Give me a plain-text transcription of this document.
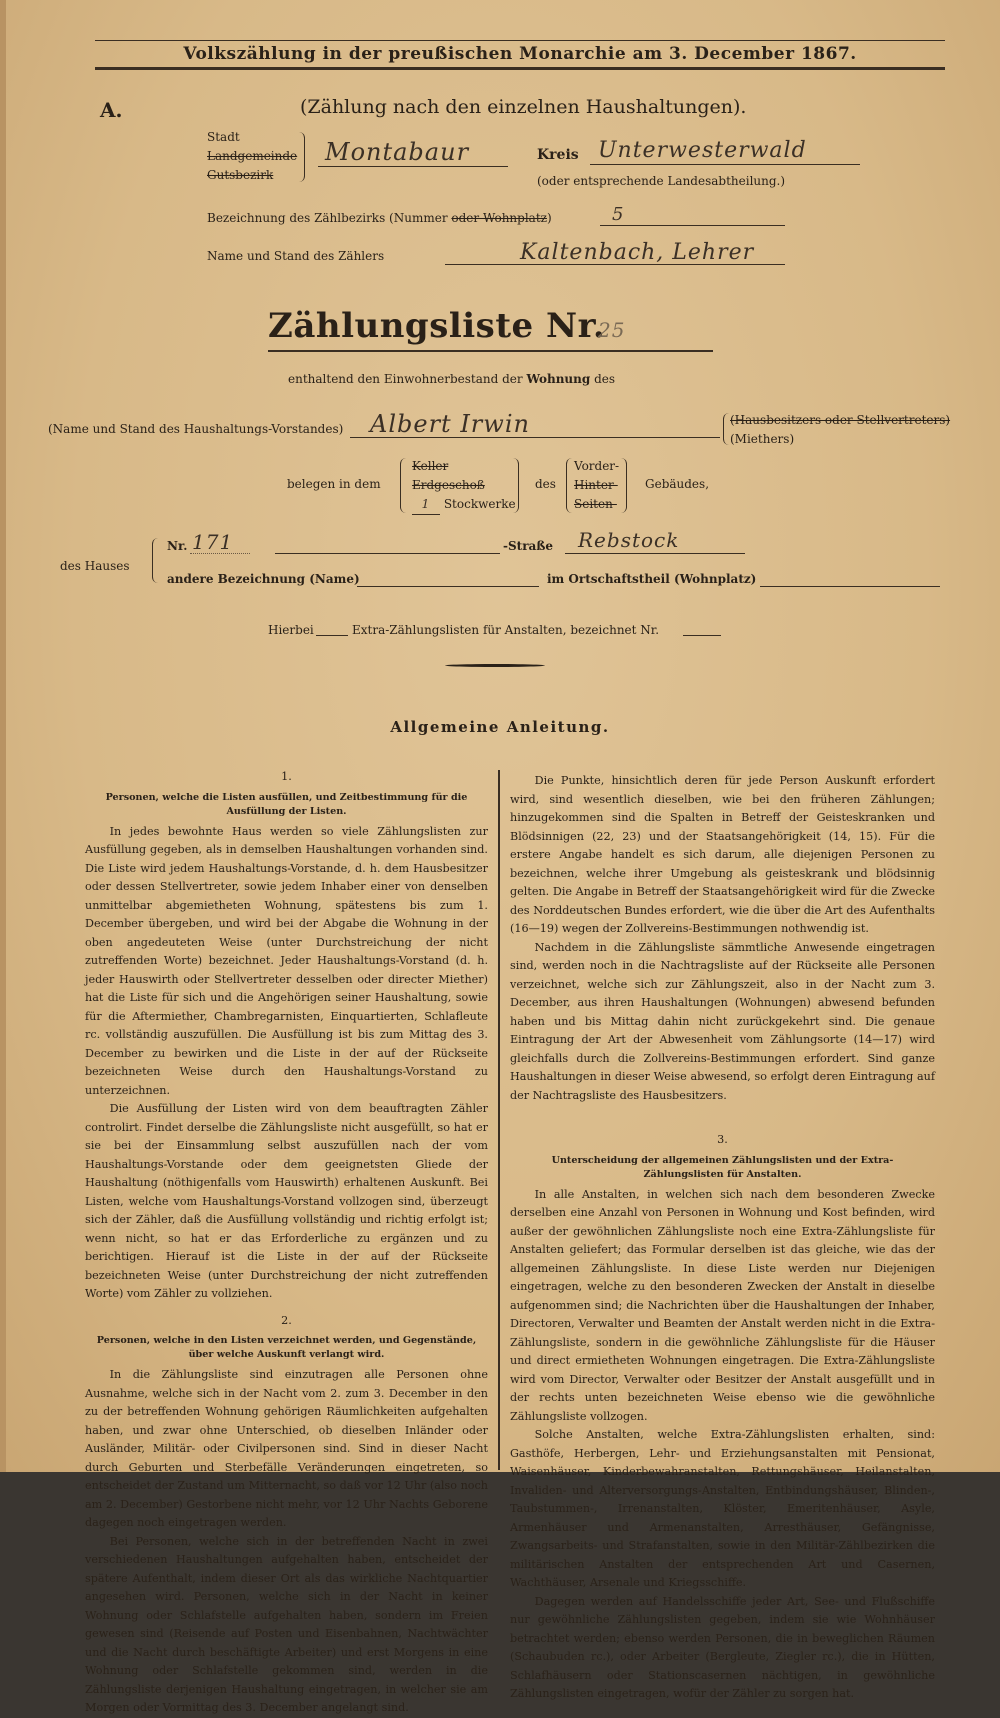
Volkszählung in der preußischen Monarchie am 3. December 1867.
A.	(Zählung nach den einzelnen Haushaltungen).
Stadt
Landgemeinde
Gutsbezirk
Montabaur	Kreis Unterwesterwald
(oder entsprechende Landesabtheilung.)
Bezeichnung des Zählbezirks (Nummer oder Wohnplatz)	5
Name und Stand des Zählers	Kaltenbach, Lehrer
Zählungsliste Nr.
25
enthaltend den Einwohnerbestand der Wohnung des
(Name und Stand des Haushaltungs-Vorstandes) Albert Irwin	(Hausbesitzers oder Stellvertreters)
(Miethers)
belegen in dem
Keller
Erdgeschoß
1 Stockwerke
des
Vorder-
Hinter-
Seiten-
Gebäudes,
des Hauses
Nr. 171	-Straße Rebstock
andere Bezeichnung (Name)	im Ortschaftstheil (Wohnplatz)
Hierbei	Extra-Zählungslisten für Anstalten, bezeichnet Nr.
Allgemeine Anleitung.

1.

Personen, welche die Listen ausfüllen, und Zeitbestimmung für die Ausfüllung der Listen.

In jedes bewohnte Haus werden so viele Zählungslisten zur Ausfüllung gegeben, als in demselben Haushaltungen vorhanden sind. Die Liste wird jedem Haushaltungs-Vorstande, d. h. dem Hausbesitzer oder dessen Stellvertreter, sowie jedem Inhaber einer von denselben unmittelbar abgemietheten Wohnung, spätestens bis zum 1. December übergeben, und wird bei der Abgabe die Wohnung in der oben angedeuteten Weise (unter Durchstreichung der nicht zutreffenden Worte) bezeichnet. Jeder Haushaltungs-Vorstand (d. h. jeder Hauswirth oder Stellvertreter desselben oder directer Miether) hat die Liste für sich und die Angehörigen seiner Haushaltung, sowie für die Aftermiether, Chambregarnisten, Einquartierten, Schlafleute rc. vollständig auszufüllen. Die Ausfüllung ist bis zum Mittag des 3. December zu bewirken und die Liste in der auf der Rückseite bezeichneten Weise durch den Haushaltungs-Vorstand zu unterzeichnen.

Die Ausfüllung der Listen wird von dem beauftragten Zähler controlirt. Findet derselbe die Zählungsliste nicht ausgefüllt, so hat er sie bei der Einsammlung selbst auszufüllen nach der vom Haushaltungs-Vorstande oder dem geeignetsten Gliede der Haushaltung (nöthigenfalls vom Hauswirth) erhaltenen Auskunft. Bei Listen, welche vom Haushaltungs-Vorstand vollzogen sind, überzeugt sich der Zähler, daß die Ausfüllung vollständig und richtig erfolgt ist; wenn nicht, so hat er das Erforderliche zu ergänzen und zu berichtigen. Hierauf ist die Liste in der auf der Rückseite bezeichneten Weise (unter Durchstreichung der nicht zutreffenden Worte) vom Zähler zu vollziehen.

2.

Personen, welche in den Listen verzeichnet werden, und Gegenstände, über welche Auskunft verlangt wird.

In die Zählungsliste sind einzutragen alle Personen ohne Ausnahme, welche sich in der Nacht vom 2. zum 3. December in den zu der betreffenden Wohnung gehörigen Räumlichkeiten aufgehalten haben, und zwar ohne Unterschied, ob dieselben Inländer oder Ausländer, Militär- oder Civilpersonen sind. Sind in dieser Nacht durch Geburten und Sterbefälle Veränderungen eingetreten, so entscheidet der Zustand um Mitternacht, so daß vor 12 Uhr (also noch am 2. December) Gestorbene nicht mehr, vor 12 Uhr Nachts Geborene dagegen noch eingetragen werden.

Bei Personen, welche sich in der betreffenden Nacht in zwei verschiedenen Haushaltungen aufgehalten haben, entscheidet der spätere Aufenthalt, indem dieser Ort als das wirkliche Nachtquartier angesehen wird. Personen, welche sich in der Nacht in keiner Wohnung oder Schlafstelle aufgehalten haben, sondern im Freien gewesen sind (Reisende auf Posten und Eisenbahnen, Nachtwächter und die Nacht durch beschäftigte Arbeiter) und erst Morgens in eine Wohnung oder Schlafstelle gekommen sind, werden in die Zählungsliste derjenigen Haushaltung eingetragen, in welcher sie am Morgen oder Vormittag des 3. December angelangt sind.

Die Punkte, hinsichtlich deren für jede Person Auskunft erfordert wird, sind wesentlich dieselben, wie bei den früheren Zählungen; hinzugekommen sind die Spalten in Betreff der Geisteskranken und Blödsinnigen (22, 23) und der Staatsangehörigkeit (14, 15). Für die erstere Angabe handelt es sich darum, alle diejenigen Personen zu bezeichnen, welche ihrer Umgebung als geisteskrank und blödsinnig gelten. Die Angabe in Betreff der Staatsangehörigkeit wird für die Zwecke des Norddeutschen Bundes erfordert, wie die über die Art des Aufenthalts (16—19) wegen der Zollvereins-Bestimmungen nothwendig ist.

Nachdem in die Zählungsliste sämmtliche Anwesende eingetragen sind, werden noch in die Nachtragsliste auf der Rückseite alle Personen verzeichnet, welche sich zur Zählungszeit, also in der Nacht zum 3. December, aus ihren Haushaltungen (Wohnungen) abwesend befunden haben und bis Mittag dahin nicht zurückgekehrt sind. Die genaue Eintragung der Art der Abwesenheit vom Zählungsorte (14—17) wird gleichfalls durch die Zollvereins-Bestimmungen erfordert. Sind ganze Haushaltungen in dieser Weise abwesend, so erfolgt deren Eintragung auf der Nachtragsliste des Hausbesitzers.

3.

Unterscheidung der allgemeinen Zählungslisten und der Extra-Zählungslisten für Anstalten.

In alle Anstalten, in welchen sich nach dem besonderen Zwecke derselben eine Anzahl von Personen in Wohnung und Kost befinden, wird außer der gewöhnlichen Zählungsliste noch eine Extra-Zählungsliste für Anstalten geliefert; das Formular derselben ist das gleiche, wie das der allgemeinen Zählungsliste. In diese Liste werden nur Diejenigen eingetragen, welche zu den besonderen Zwecken der Anstalt in dieselbe aufgenommen sind; die Nachrichten über die Haushaltungen der Inhaber, Directoren, Verwalter und Beamten der Anstalt werden nicht in die Extra-Zählungsliste, sondern in die gewöhnliche Zählungsliste für die Häuser und direct ermietheten Wohnungen eingetragen. Die Extra-Zählungsliste wird vom Director, Verwalter oder Besitzer der Anstalt ausgefüllt und in der rechts unten bezeichneten Weise ebenso wie die gewöhnliche Zählungsliste vollzogen.

Solche Anstalten, welche Extra-Zählungslisten erhalten, sind: Gasthöfe, Herbergen, Lehr- und Erziehungsanstalten mit Pensionat, Waisenhäuser, Kinderbewahranstalten, Rettungshäuser, Heilanstalten, Invaliden- und Alterversorgungs-Anstalten, Entbindungshäuser, Blinden-, Taubstummen-, Irrenanstalten, Klöster, Emeritenhäuser, Asyle, Armenhäuser und Armenanstalten, Arresthäuser, Gefängnisse, Zwangsarbeits- und Strafanstalten, sowie in den Militär-Zählbezirken die militärischen Anstalten der entsprechenden Art und Casernen, Wachthäuser, Arsenale und Kriegsschiffe.

Dagegen werden auf Handelsschiffe jeder Art, See- und Flußschiffe nur gewöhnliche Zählungslisten gegeben, indem sie wie Wohnhäuser betrachtet werden; ebenso werden Personen, die in beweglichen Räumen (Schaubuden rc.), oder Arbeiter (Bergleute, Ziegler rc.), die in Hütten, Schlafhäusern oder Stationscasernen nächtigen, in gewöhnliche Zählungslisten eingetragen, wofür der Zähler zu sorgen hat.
